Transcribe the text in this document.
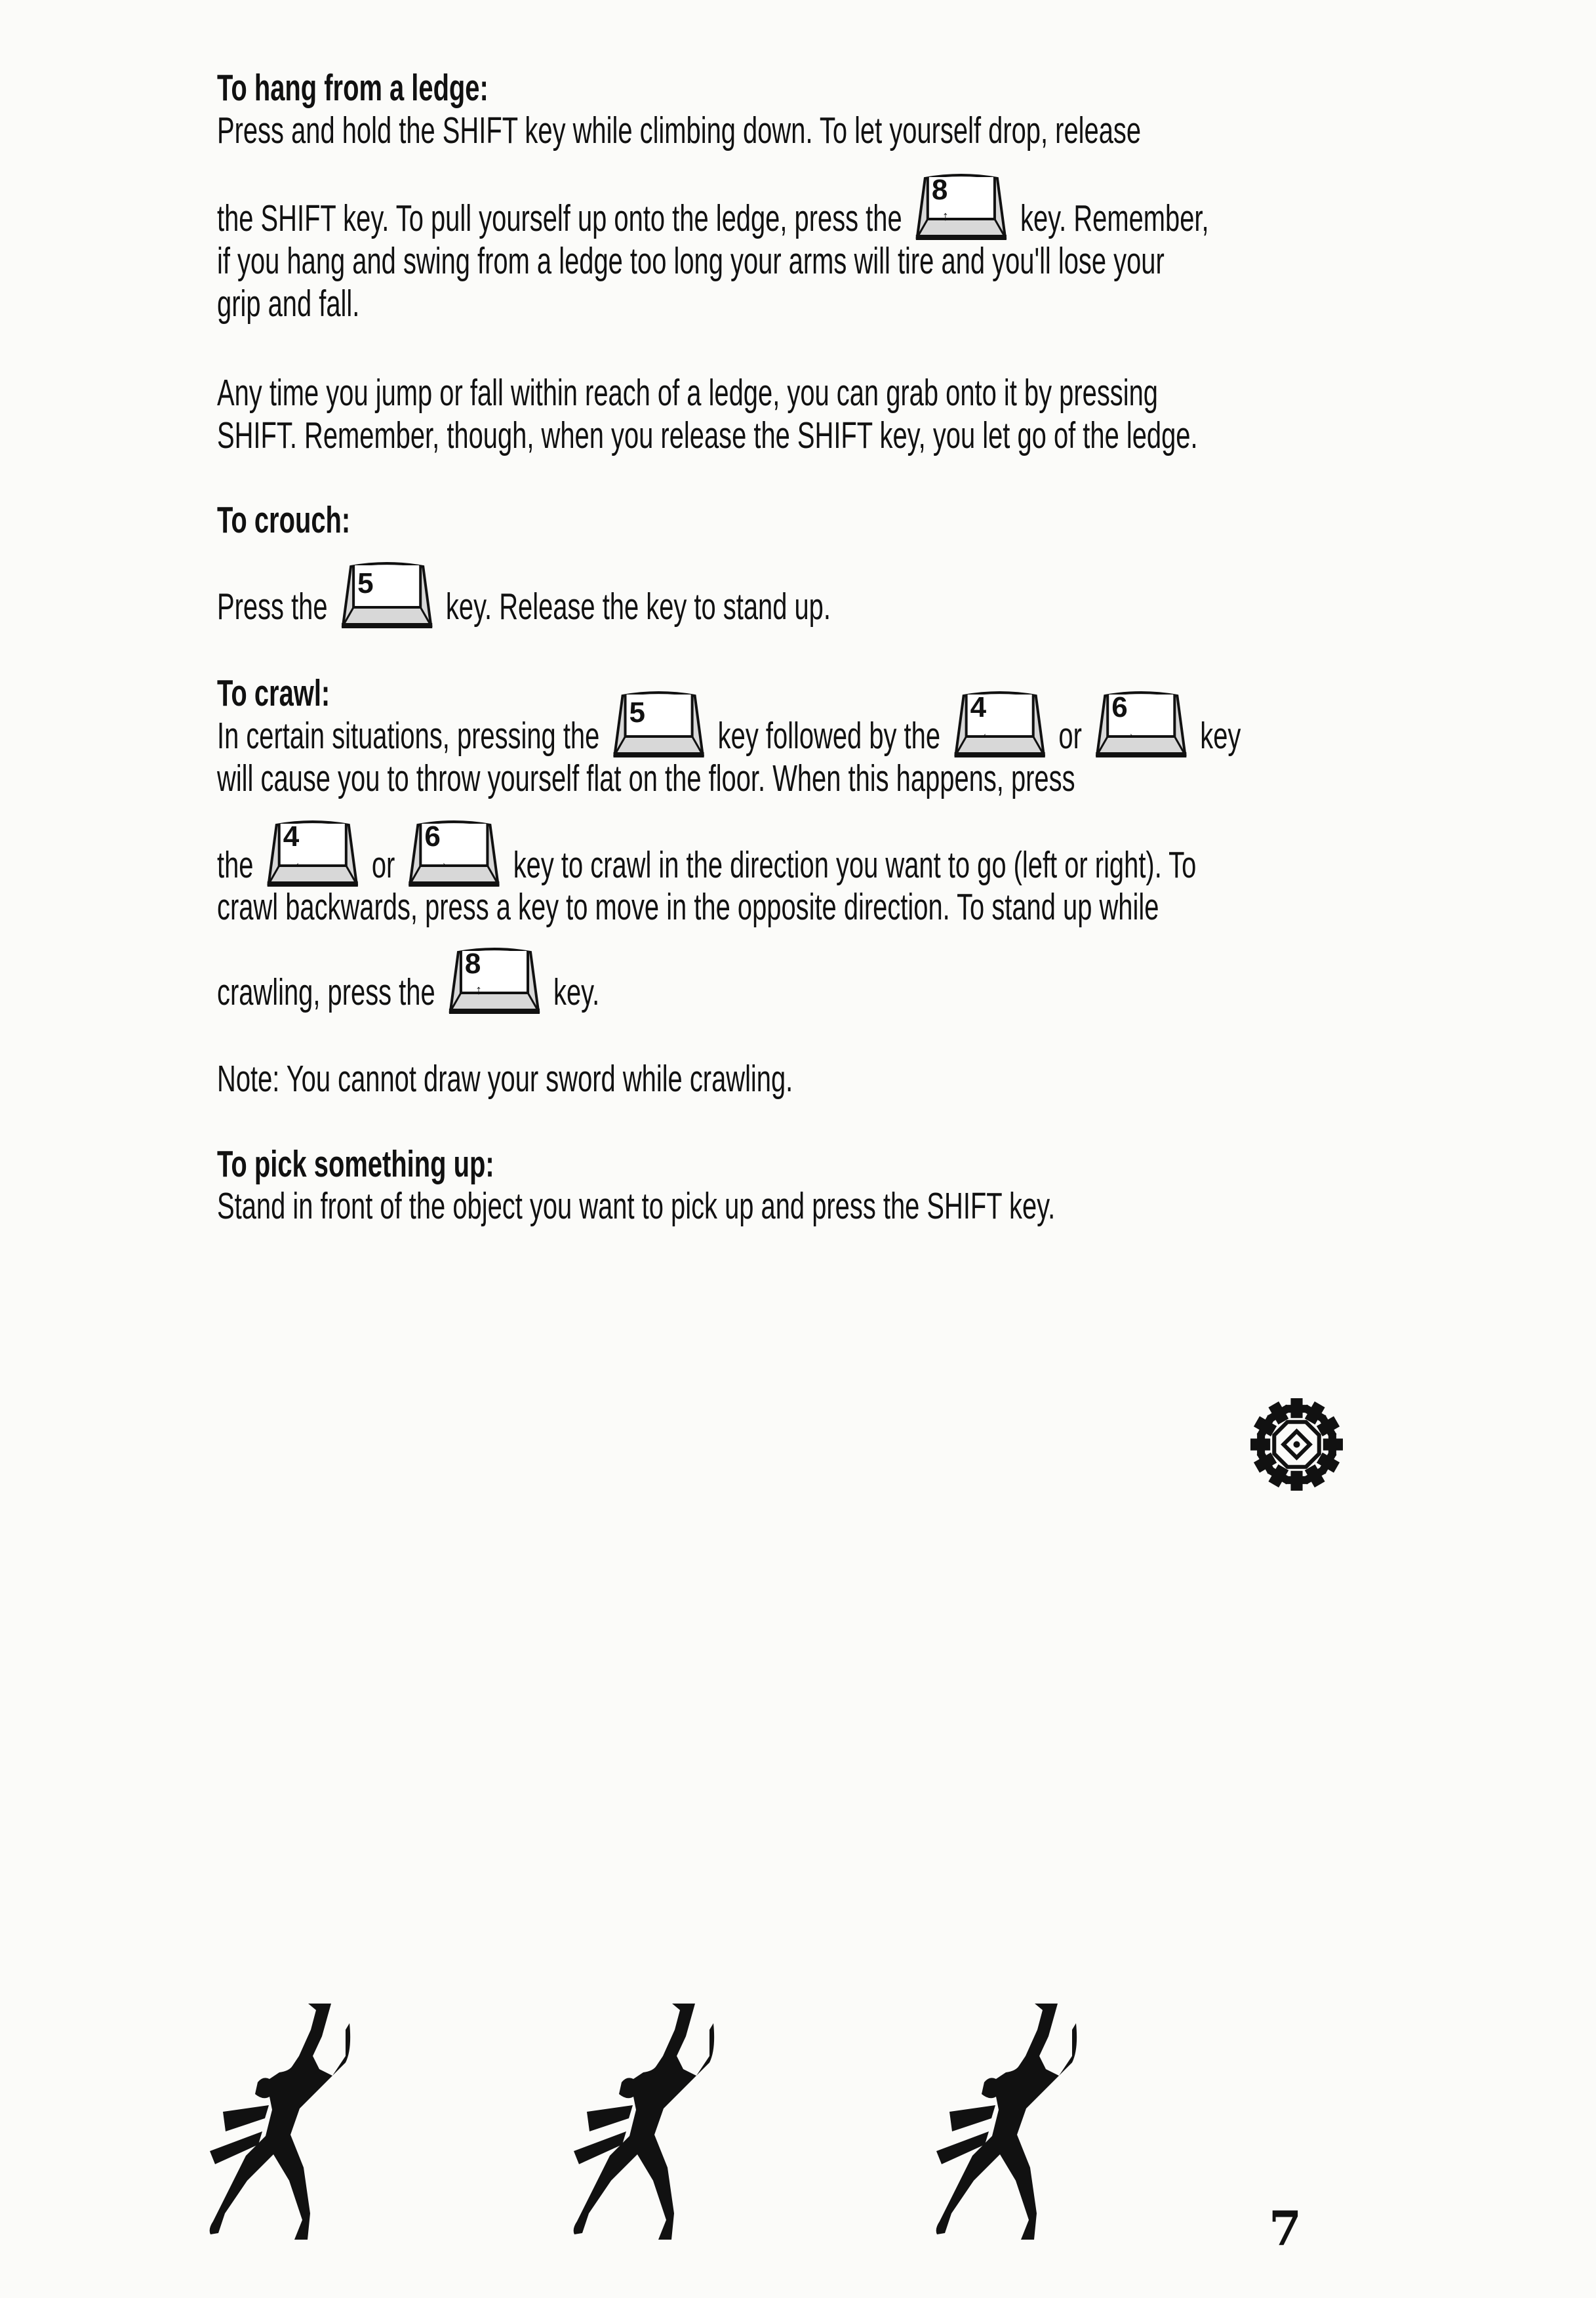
To hang from a ledge:
Press and hold the SHIFT key while climbing down. To let yourself drop, release
the SHIFT key. To pull yourself up onto the ledge, press the
8
↑ key. Remember,
if you hang and swing from a ledge too long your arms will tire and you'll lose your
grip and fall.
Any time you jump or fall within reach of a ledge, you can grab onto it by pressing
SHIFT. Remember, though, when you release the SHIFT key, you let go of the ledge.
To crouch:
Press the
5
key. Release the key to stand up.
To crawl:
In certain situations, pressing the
5
key followed by the
4
← or
6
→ key
will cause you to throw yourself flat on the floor. When this happens, press
the
4
← or
6
→ key to crawl in the direction you want to go (left or right). To
crawl backwards, press a key to move in the opposite direction. To stand up while
crawling, press the
8
↑ key.
Note: You cannot draw your sword while crawling.
To pick something up:
Stand in front of the object you want to pick up and press the SHIFT key.
7
